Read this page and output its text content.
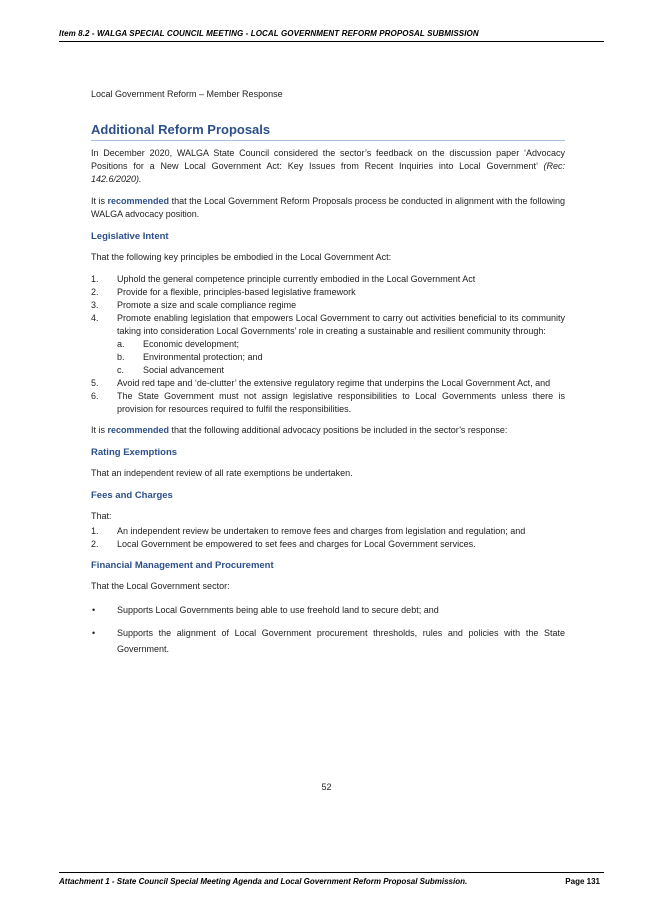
Item 8.2 - WALGA SPECIAL COUNCIL MEETING - LOCAL GOVERNMENT REFORM PROPOSAL SUBMISSION
Local Government Reform – Member Response
Additional Reform Proposals

In December 2020, WALGA State Council considered the sector’s feedback on the discussion paper ‘Advocacy Positions for a New Local Government Act: Key Issues from Recent Inquiries into Local Government’ (Rec: 142.6/2020).

It is recommended that the Local Government Reform Proposals process be conducted in alignment with the following WALGA advocacy position.

Legislative Intent

That the following key principles be embodied in the Local Government Act:

1. Uphold the general competence principle currently embodied in the Local Government Act
2. Provide for a flexible, principles-based legislative framework
3. Promote a size and scale compliance regime
4. Promote enabling legislation that empowers Local Government to carry out activities beneficial to its community taking into consideration Local Governments’ role in creating a sustainable and resilient community through:
a. Economic development;
b. Environmental protection; and
c. Social advancement
5. Avoid red tape and ‘de-clutter’ the extensive regulatory regime that underpins the Local Government Act, and
6. The State Government must not assign legislative responsibilities to Local Governments unless there is provision for resources required to fulfil the responsibilities.

It is recommended that the following additional advocacy positions be included in the sector’s response:

Rating Exemptions

That an independent review of all rate exemptions be undertaken.

Fees and Charges

That:

1. An independent review be undertaken to remove fees and charges from legislation and regulation; and
2. Local Government be empowered to set fees and charges for Local Government services.
Financial Management and Procurement

That the Local Government sector:

• Supports Local Governments being able to use freehold land to secure debt; and
• Supports the alignment of Local Government procurement thresholds, rules and policies with the State Government.
52
Attachment 1 - State Council Special Meeting Agenda and Local Government Reform Proposal Submission.	Page 131
